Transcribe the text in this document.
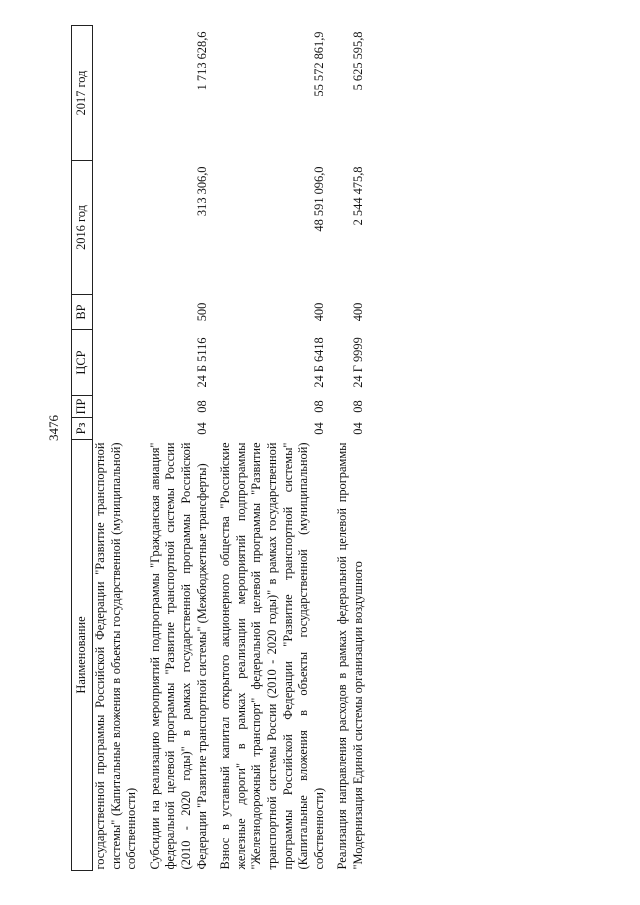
3476
Наименование	Рз	ПР	ЦСР	ВР	2016 год	2017 год
государственной программы Российской Федерации "Развитие транспортной системы" (Капитальные вложения в объекты государственной (муниципальной) собственности)						

Субсидии на реализацию мероприятий подпрограммы "Гражданская авиация" федеральной целевой программы "Развитие транспортной системы России (2010 - 2020 годы)" в рамках государственной программы Российской Федерации "Развитие транспортной системы" (Межбюджетные трансферты)	04	08	24 Б 5116	500	313 306,0	1 713 628,6

Взнос в уставный капитал открытого акционерного общества "Российские железные дороги" в рамках реализации мероприятий подпрограммы "Железнодорожный транспорт" федеральной целевой программы "Развитие транспортной системы России (2010 - 2020 годы)" в рамках государственной программы Российской Федерации "Развитие транспортной системы" (Капитальные вложения в объекты государственной (муниципальной) собственности)	04	08	24 Б 6418	400	48 591 096,0	55 572 861,9

Реализация направления расходов в рамках федеральной целевой программы "Модернизация Единой системы организации воздушного	04	08	24 Г 9999	400	2 544 475,8	5 625 595,8
